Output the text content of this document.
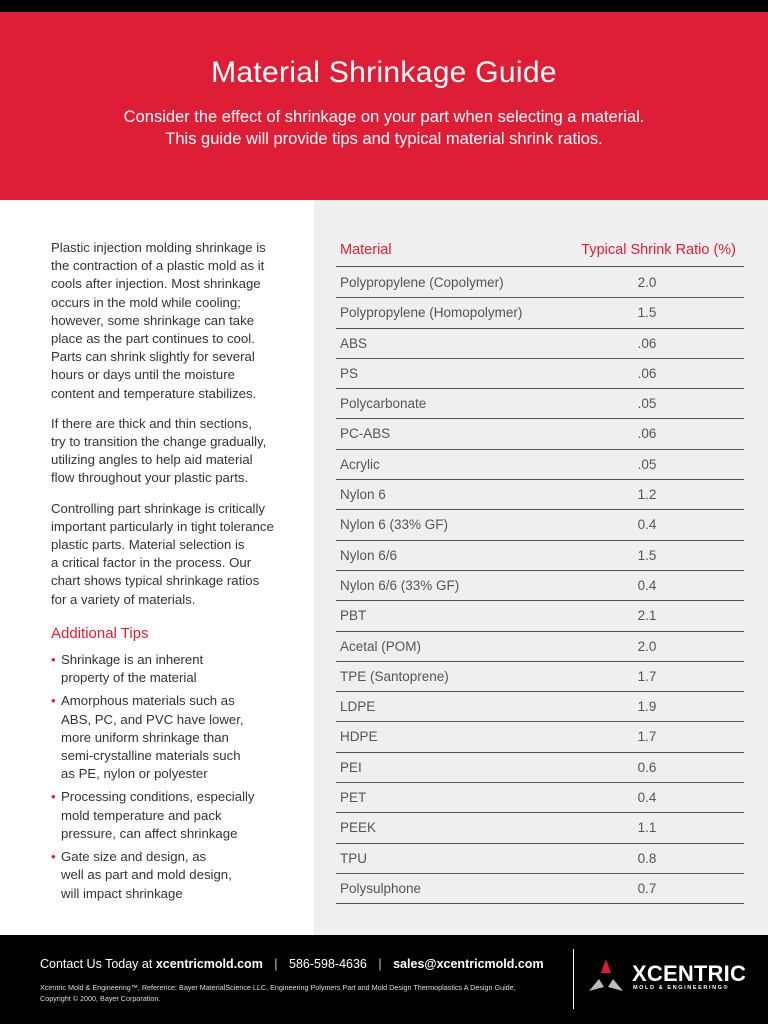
Material Shrinkage Guide
Consider the effect of shrinkage on your part when selecting a material.
This guide will provide tips and typical material shrink ratios.

Plastic injection molding shrinkage is
the contraction of a plastic mold as it
cools after injection. Most shrinkage
occurs in the mold while cooling;
however, some shrinkage can take
place as the part continues to cool.
Parts can shrink slightly for several
hours or days until the moisture
content and temperature stabilizes.

If there are thick and thin sections,
try to transition the change gradually,
utilizing angles to help aid material
flow throughout your plastic parts.

Controlling part shrinkage is critically
important particularly in tight tolerance
plastic parts. Material selection is
a critical factor in the process. Our
chart shows typical shrinkage ratios
for a variety of materials.

Additional Tips
• Shrinkage is an inherent
property of the material
• Amorphous materials such as
ABS, PC, and PVC have lower,
more uniform shrinkage than
semi-crystalline materials such
as PE, nylon or polyester
• Processing conditions, especially
mold temperature and pack
pressure, can affect shrinkage
• Gate size and design, as
well as part and mold design,
will impact shrinkage
Material	Typical Shrink Ratio (%)
Polypropylene (Copolymer)	2.0
Polypropylene (Homopolymer)	1.5
ABS	.06
PS	.06
Polycarbonate	.05
PC-ABS	.06
Acrylic	.05
Nylon 6	1.2
Nylon 6 (33% GF)	0.4
Nylon 6/6	1.5
Nylon 6/6 (33% GF)	0.4
PBT	2.1
Acetal (POM)	2.0
TPE (Santoprene)	1.7
LDPE	1.9
HDPE	1.7
PEI	0.6
PET	0.4
PEEK	1.1
TPU	0.8
Polysulphone	0.7
Contact Us Today at xcentricmold.com | 586-598-4636 | sales@xcentricmold.com
Xcentric Mold & Engineering™, Reference: Bayer MaterialScience LLC, Engineering Polymers Part and Mold Design Thermoplastics A Design Guide,
Copyright © 2000, Bayer Corporation.
XCENTRIC
MOLD & ENGINEERING®
